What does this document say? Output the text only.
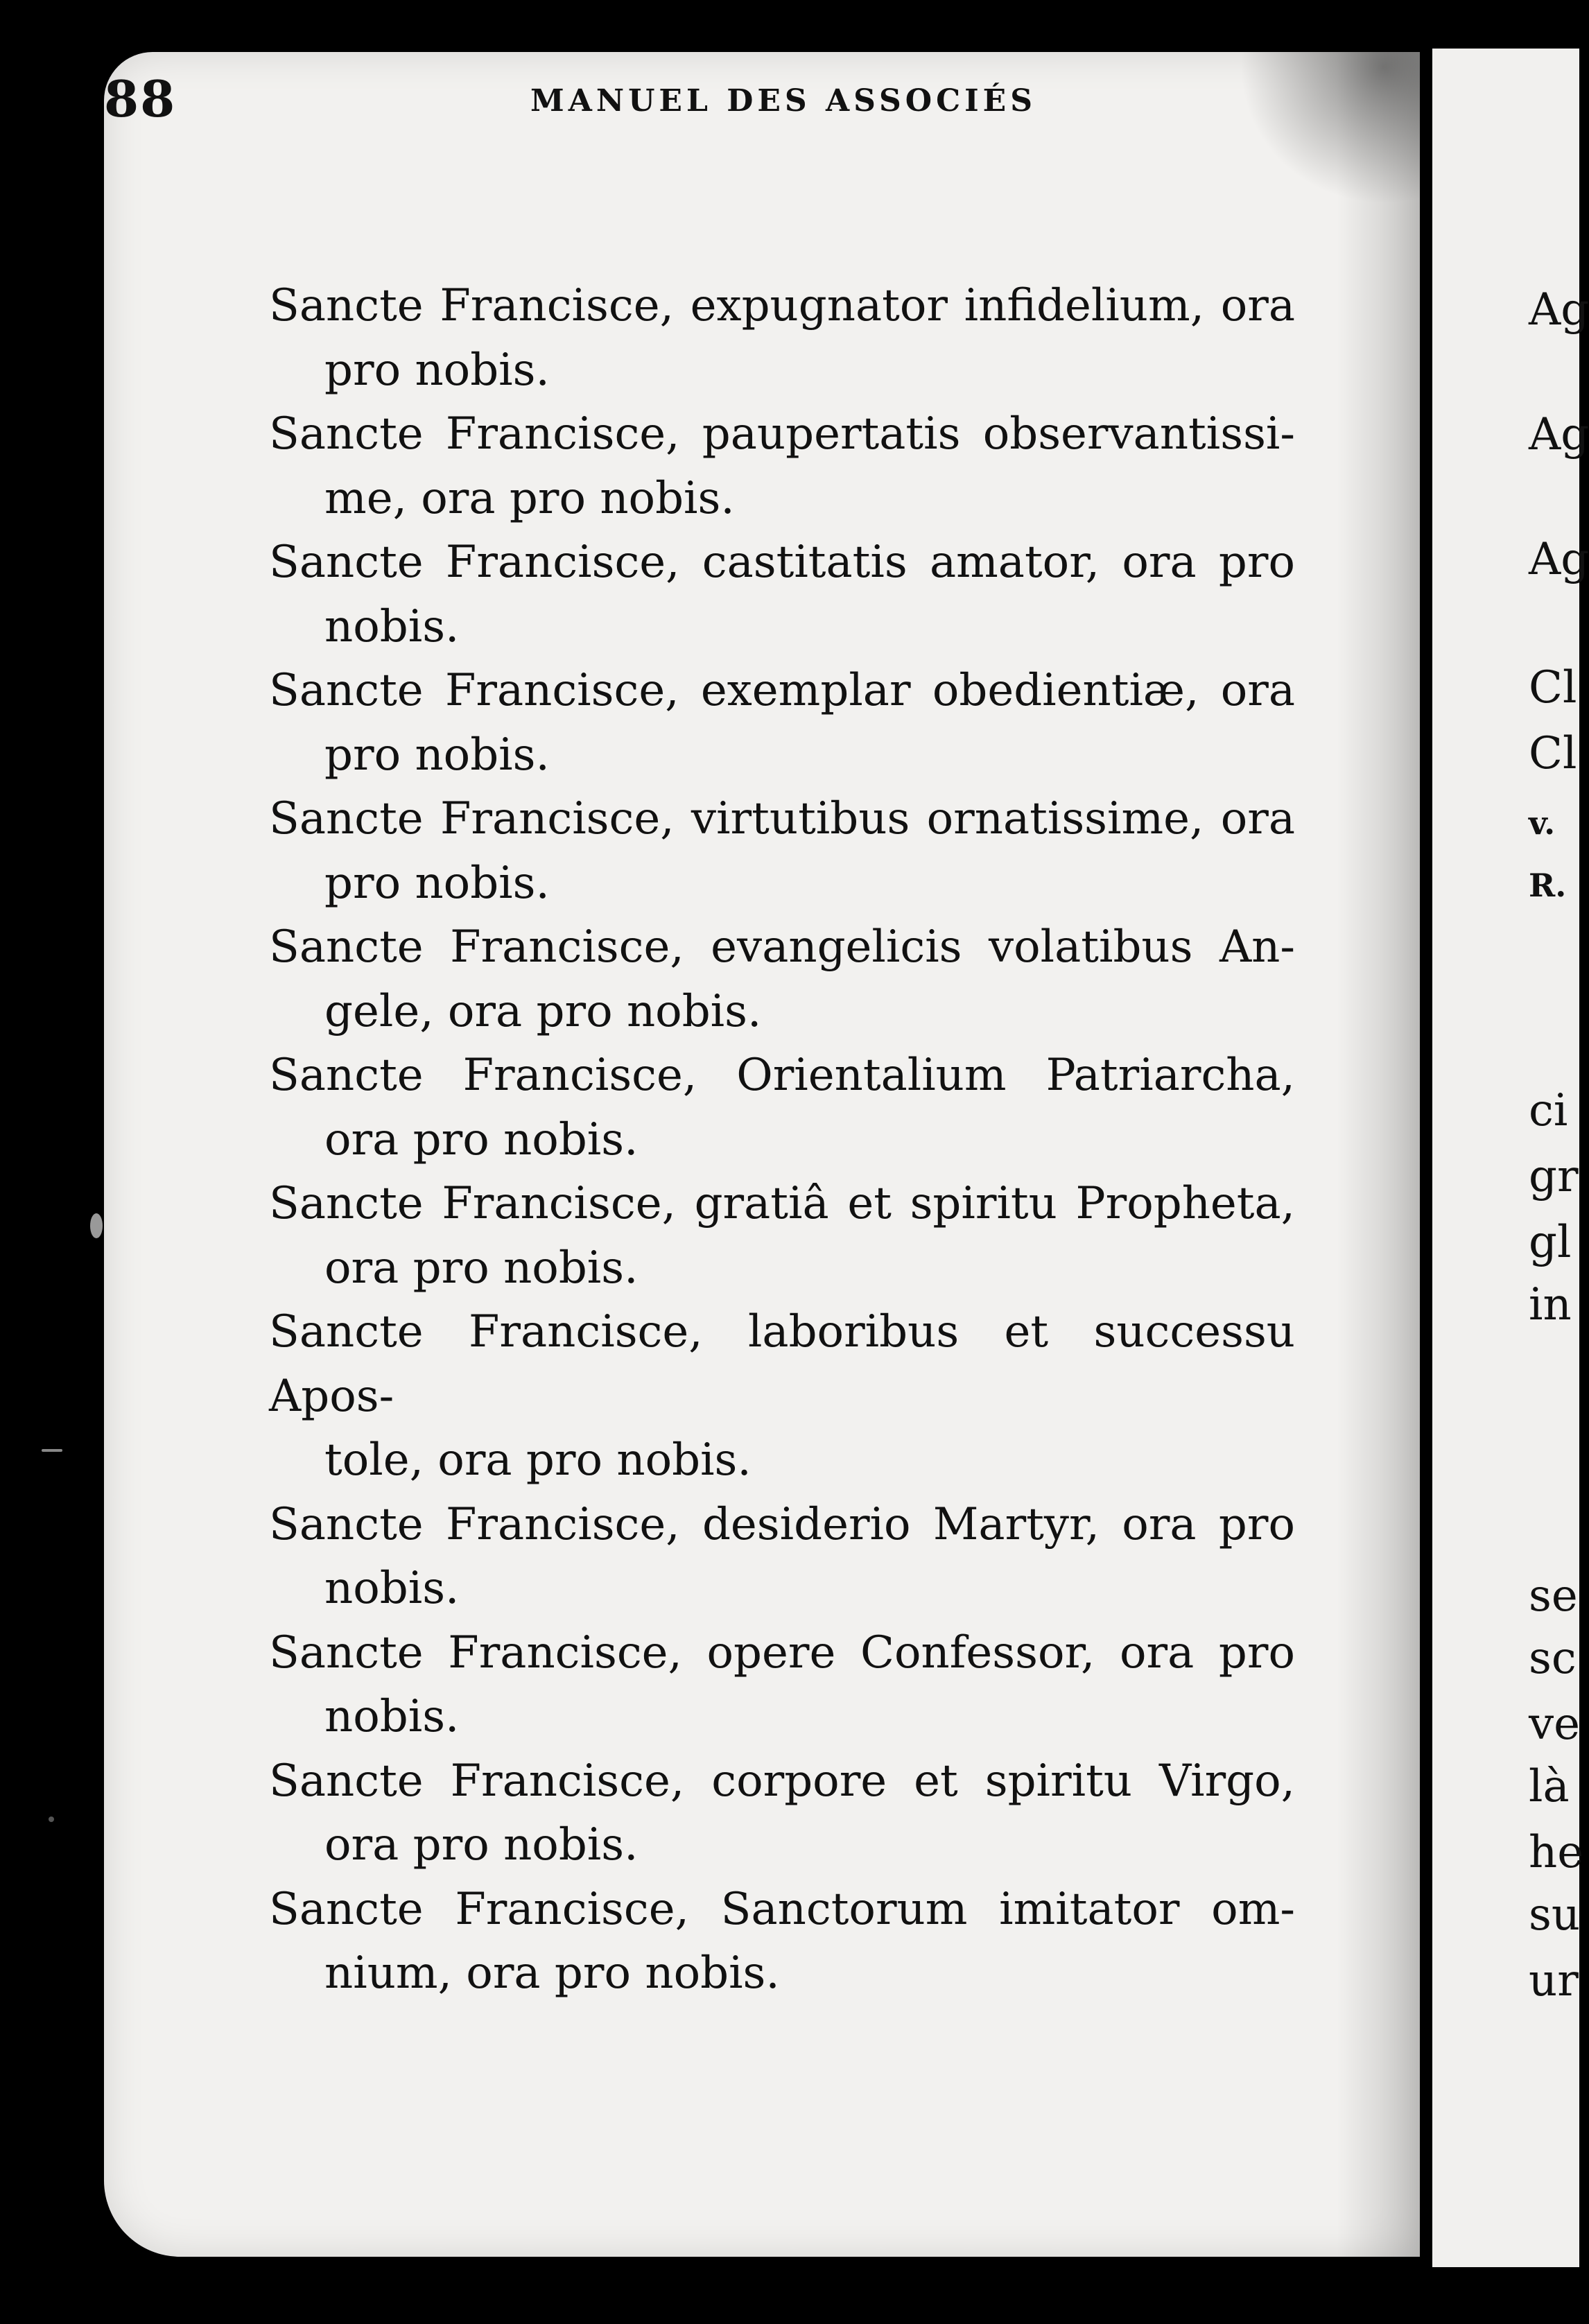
88	MANUEL DES ASSOCIÉS

Sancte Francisce, expugnator infidelium, ora
pro nobis.

Sancte Francisce, paupertatis observantissi-
me, ora pro nobis.

Sancte Francisce, castitatis amator, ora pro
nobis.

Sancte Francisce, exemplar obedientiæ, ora
pro nobis.

Sancte Francisce, virtutibus ornatissime, ora
pro nobis.

Sancte Francisce, evangelicis volatibus An-
gele, ora pro nobis.

Sancte Francisce, Orientalium Patriarcha,
ora pro nobis.

Sancte Francisce, gratiâ et spiritu Propheta,
ora pro nobis.

Sancte Francisce, laboribus et successu Apos-
tole, ora pro nobis.

Sancte Francisce, desiderio Martyr, ora pro
nobis.

Sancte Francisce, opere Confessor, ora pro
nobis.

Sancte Francisce, corpore et spiritu Virgo,
ora pro nobis.

Sancte Francisce, Sanctorum imitator om-
nium, ora pro nobis.

Ag
Ag
Ag
Cl
Cl
v.
R.
ci
gr
gl
in
se
sc
ve
là
he
su
ur
